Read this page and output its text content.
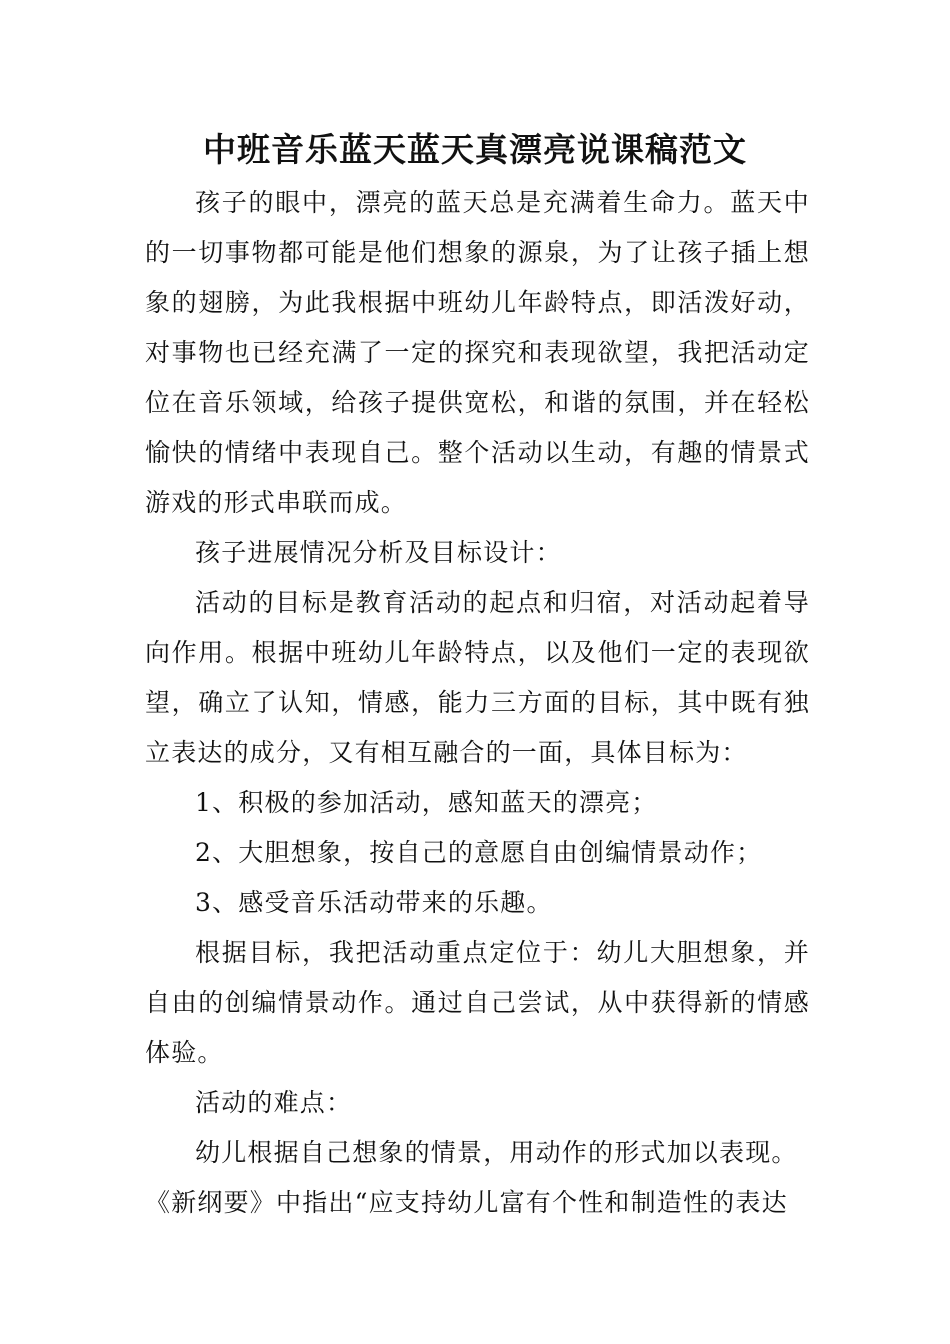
中班音乐蓝天蓝天真漂亮说课稿范文

孩子的眼中，漂亮的蓝天总是充满着生命力。蓝天中的一切事物都可能是他们想象的源泉，为了让孩子插上想象的翅膀，为此我根据中班幼儿年龄特点，即活泼好动，对事物也已经充满了一定的探究和表现欲望，我把活动定位在音乐领域，给孩子提供宽松，和谐的氛围，并在轻松愉快的情绪中表现自己。整个活动以生动，有趣的情景式游戏的形式串联而成。

孩子进展情况分析及目标设计：

活动的目标是教育活动的起点和归宿，对活动起着导向作用。根据中班幼儿年龄特点，以及他们一定的表现欲望，确立了认知，情感，能力三方面的目标，其中既有独立表达的成分，又有相互融合的一面，具体目标为：

1、积极的参加活动，感知蓝天的漂亮；

2、大胆想象，按自己的意愿自由创编情景动作；

3、感受音乐活动带来的乐趣。

根据目标，我把活动重点定位于：幼儿大胆想象，并自由的创编情景动作。通过自己尝试，从中获得新的情感体验。

活动的难点：

幼儿根据自己想象的情景，用动作的形式加以表现。

《新纲要》中指出“应支持幼儿富有个性和制造性的表达
